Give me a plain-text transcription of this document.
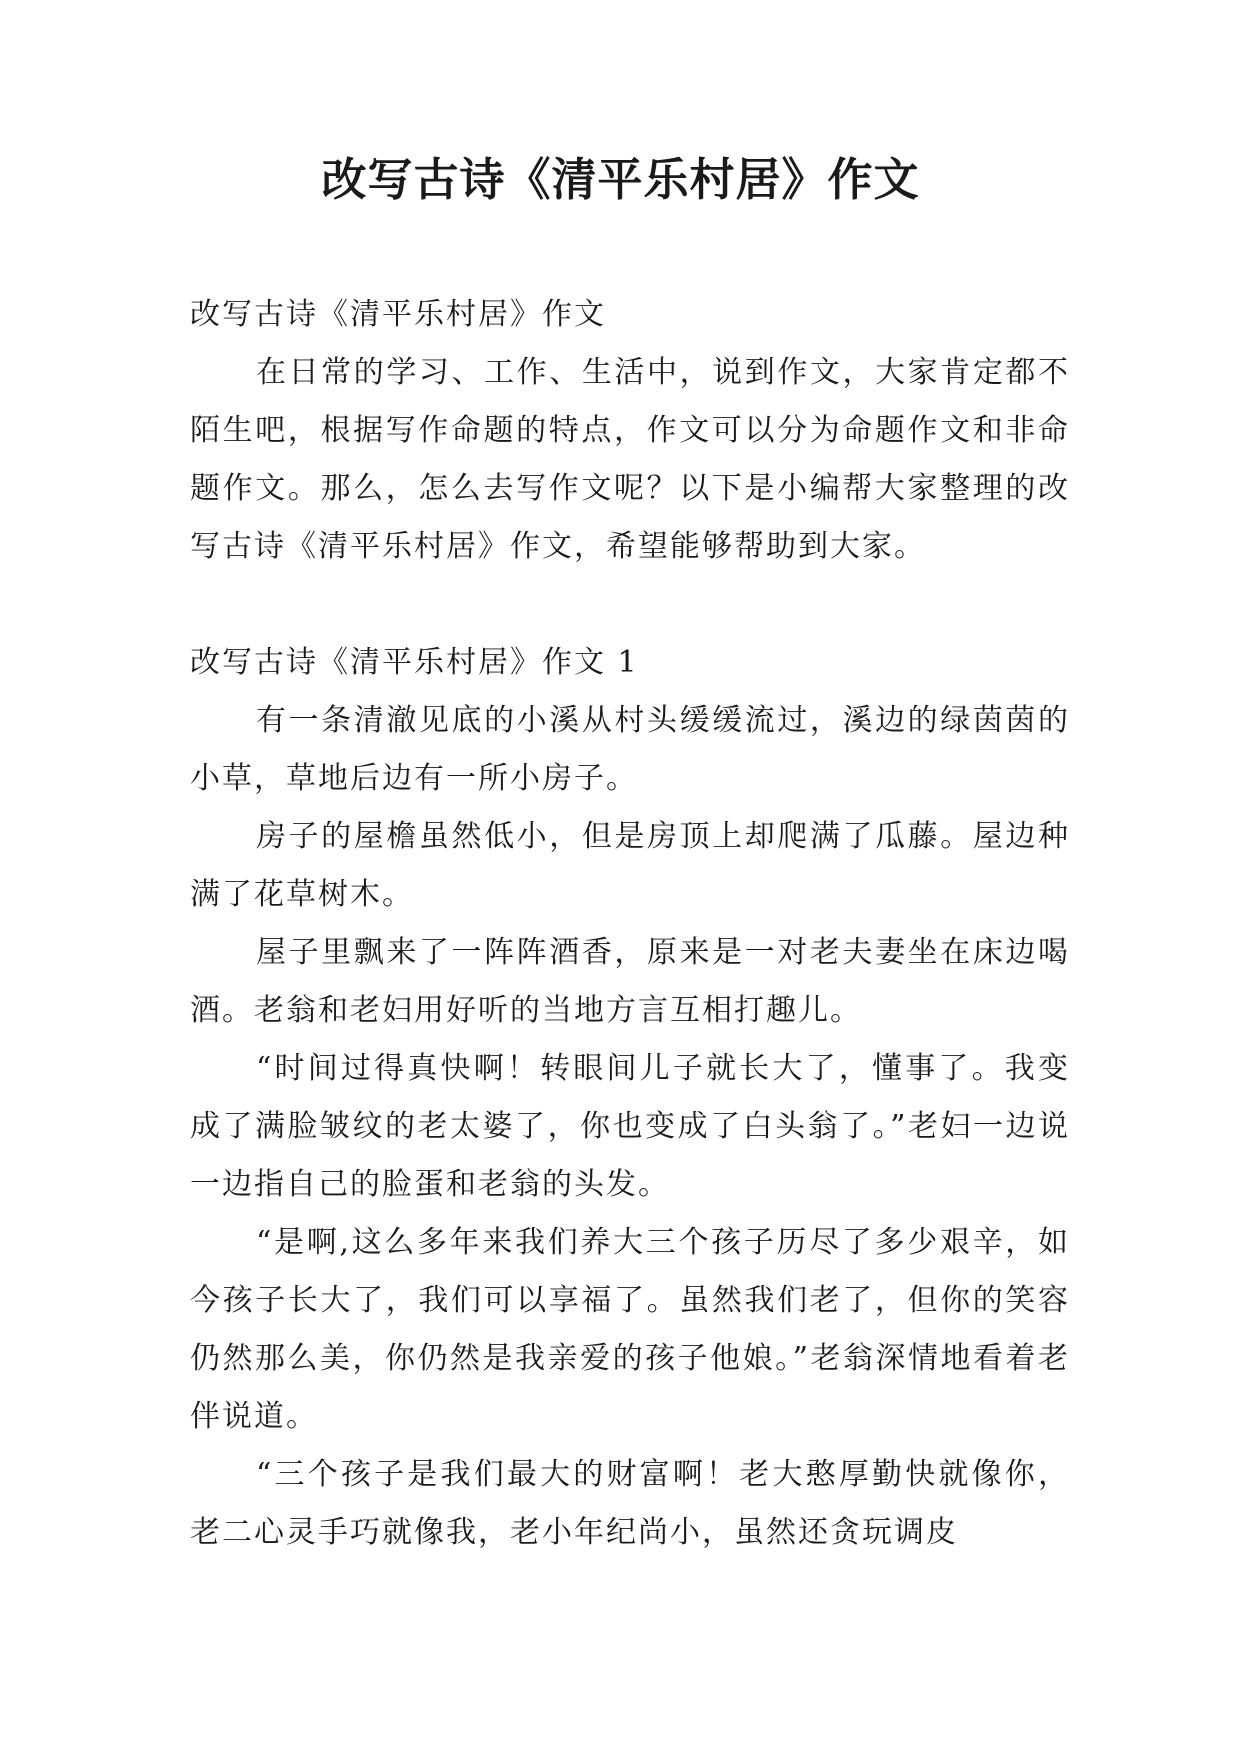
改写古诗《清平乐村居》作文

改写古诗《清平乐村居》作文

在日常的学习、工作、生活中，说到作文，大家肯定都不陌生吧，根据写作命题的特点，作文可以分为命题作文和非命题作文。那么，怎么去写作文呢？以下是小编帮大家整理的改写古诗《清平乐村居》作文，希望能够帮助到大家。

改写古诗《清平乐村居》作文 1

有一条清澈见底的小溪从村头缓缓流过，溪边的绿茵茵的小草，草地后边有一所小房子。

房子的屋檐虽然低小，但是房顶上却爬满了瓜藤。屋边种满了花草树木。

屋子里飘来了一阵阵酒香，原来是一对老夫妻坐在床边喝酒。老翁和老妇用好听的当地方言互相打趣儿。

“时间过得真快啊！转眼间儿子就长大了，懂事了。我变成了满脸皱纹的老太婆了，你也变成了白头翁了。”老妇一边说一边指自己的脸蛋和老翁的头发。

“是啊,这么多年来我们养大三个孩子历尽了多少艰辛，如今孩子长大了，我们可以享福了。虽然我们老了，但你的笑容仍然那么美，你仍然是我亲爱的孩子他娘。”老翁深情地看着老伴说道。

“三个孩子是我们最大的财富啊！老大憨厚勤快就像你，老二心灵手巧就像我，老小年纪尚小，虽然还贪玩调皮
